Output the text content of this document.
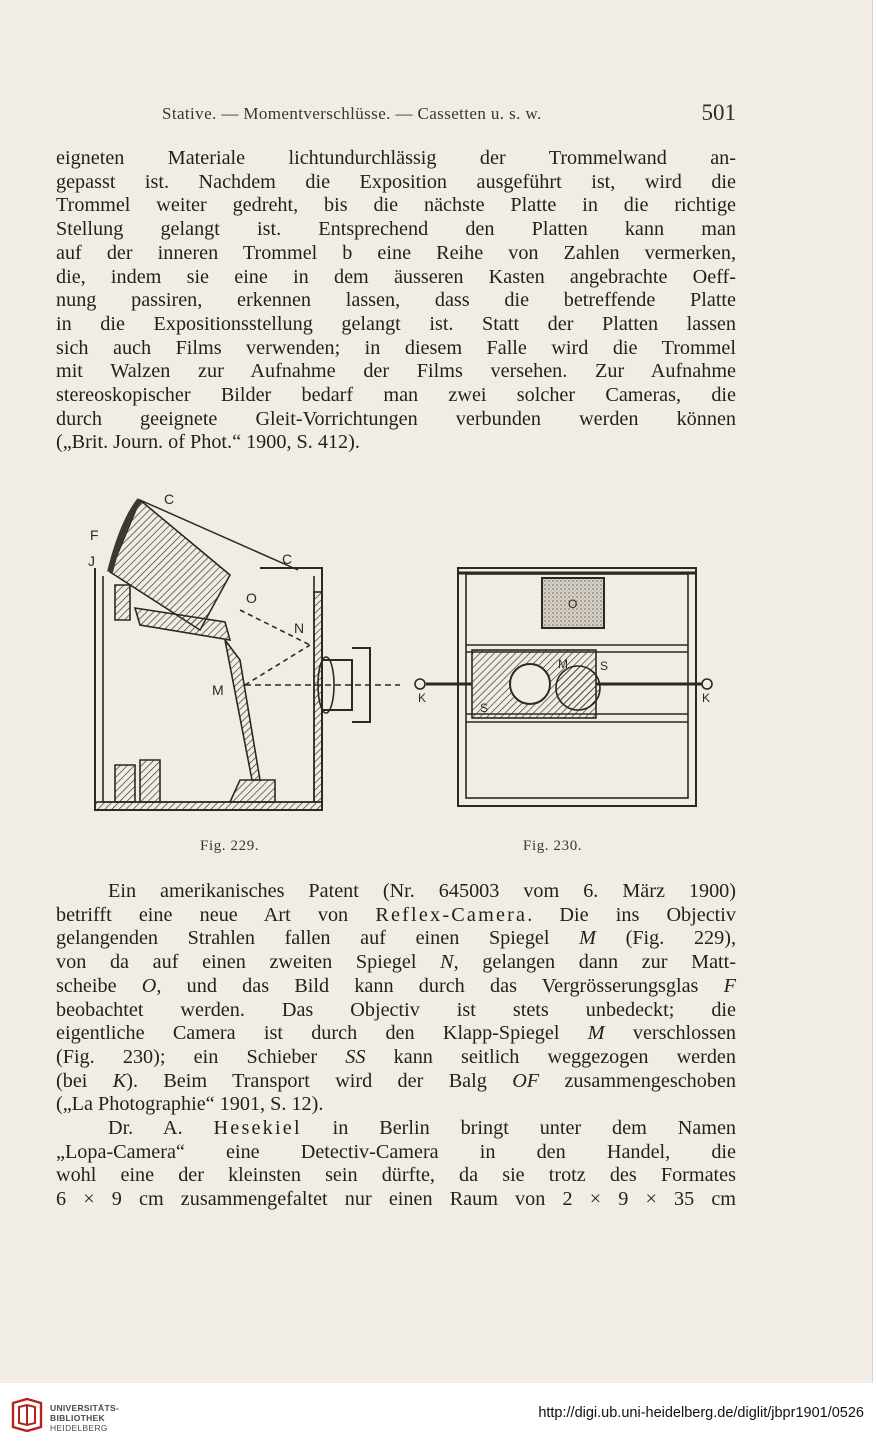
Stative. — Momentverschlüsse. — Cassetten u. s. w.	501
eigneten Materiale lichtundurchlässig der Trommelwand an-
gepasst ist. Nachdem die Exposition ausgeführt ist, wird die
Trommel weiter gedreht, bis die nächste Platte in die richtige
Stellung gelangt ist. Entsprechend den Platten kann man
auf der inneren Trommel b eine Reihe von Zahlen vermerken,
die, indem sie eine in dem äusseren Kasten angebrachte Oeff-
nung passiren, erkennen lassen, dass die betreffende Platte
in die Expositionsstellung gelangt ist. Statt der Platten lassen
sich auch Films verwenden; in diesem Falle wird die Trommel
mit Walzen zur Aufnahme der Films versehen. Zur Aufnahme
stereoskopischer Bilder bedarf man zwei solcher Cameras, die
durch geeignete Gleit-Vorrichtungen verbunden werden können
(„Brit. Journ. of Phot.“ 1900, S. 412).
C
F
J	C
O
N
M
O
M	S
S
K	K
Fig. 229.	Fig. 230.
Ein amerikanisches Patent (Nr. 645003 vom 6. März 1900)
betrifft eine neue Art von Reflex-Camera. Die ins Objectiv
gelangenden Strahlen fallen auf einen Spiegel M (Fig. 229),
von da auf einen zweiten Spiegel N, gelangen dann zur Matt-
scheibe O, und das Bild kann durch das Vergrösserungsglas F
beobachtet werden. Das Objectiv ist stets unbedeckt; die
eigentliche Camera ist durch den Klapp-Spiegel M verschlossen
(Fig. 230); ein Schieber SS kann seitlich weggezogen werden
(bei K). Beim Transport wird der Balg OF zusammengeschoben
(„La Photographie“ 1901, S. 12).
Dr. A. Hesekiel in Berlin bringt unter dem Namen
„Lopa-Camera“ eine Detectiv-Camera in den Handel, die
wohl eine der kleinsten sein dürfte, da sie trotz des Formates
6 × 9 cm zusammengefaltet nur einen Raum von 2 × 9 × 35 cm
UNIVERSITÄTS-
BIBLIOTHEK
HEIDELBERG
http://digi.ub.uni-heidelberg.de/diglit/jbpr1901/0526
